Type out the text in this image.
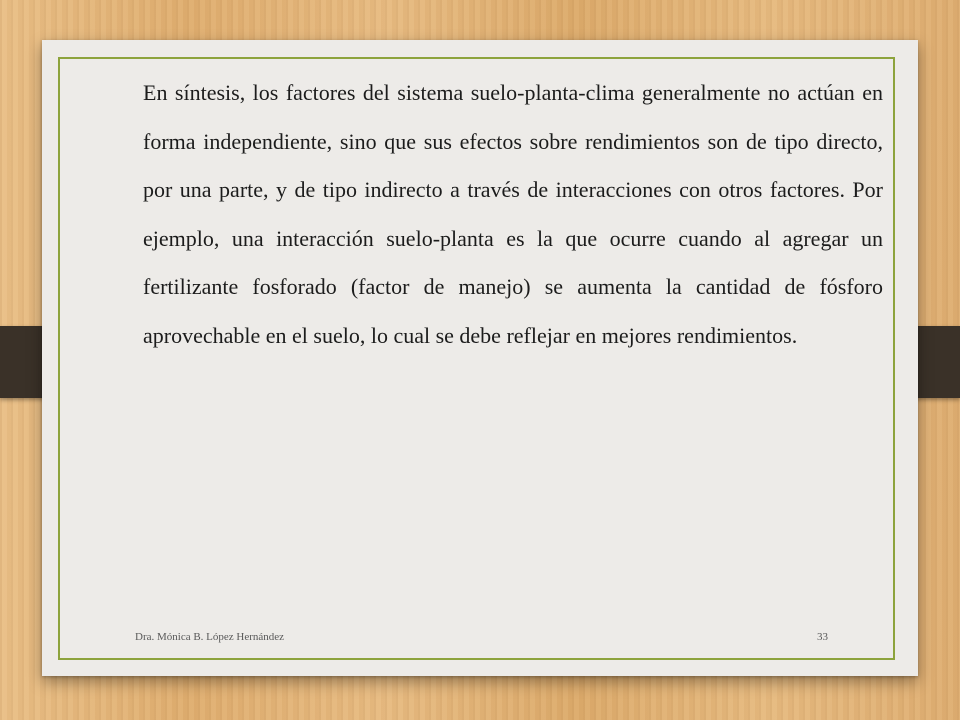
En síntesis, los factores del sistema suelo-planta-clima generalmente no actúan en forma independiente, sino que sus efectos sobre rendimientos son de tipo directo, por una parte, y de tipo indirecto a través de interacciones con otros factores. Por ejemplo, una interacción suelo-planta es la que ocurre cuando al agregar un fertilizante fosforado (factor de manejo) se aumenta la cantidad de fósforo aprovechable en el suelo, lo cual se debe reflejar en mejores rendimientos.

Dra. Mónica B. López Hernández	33
